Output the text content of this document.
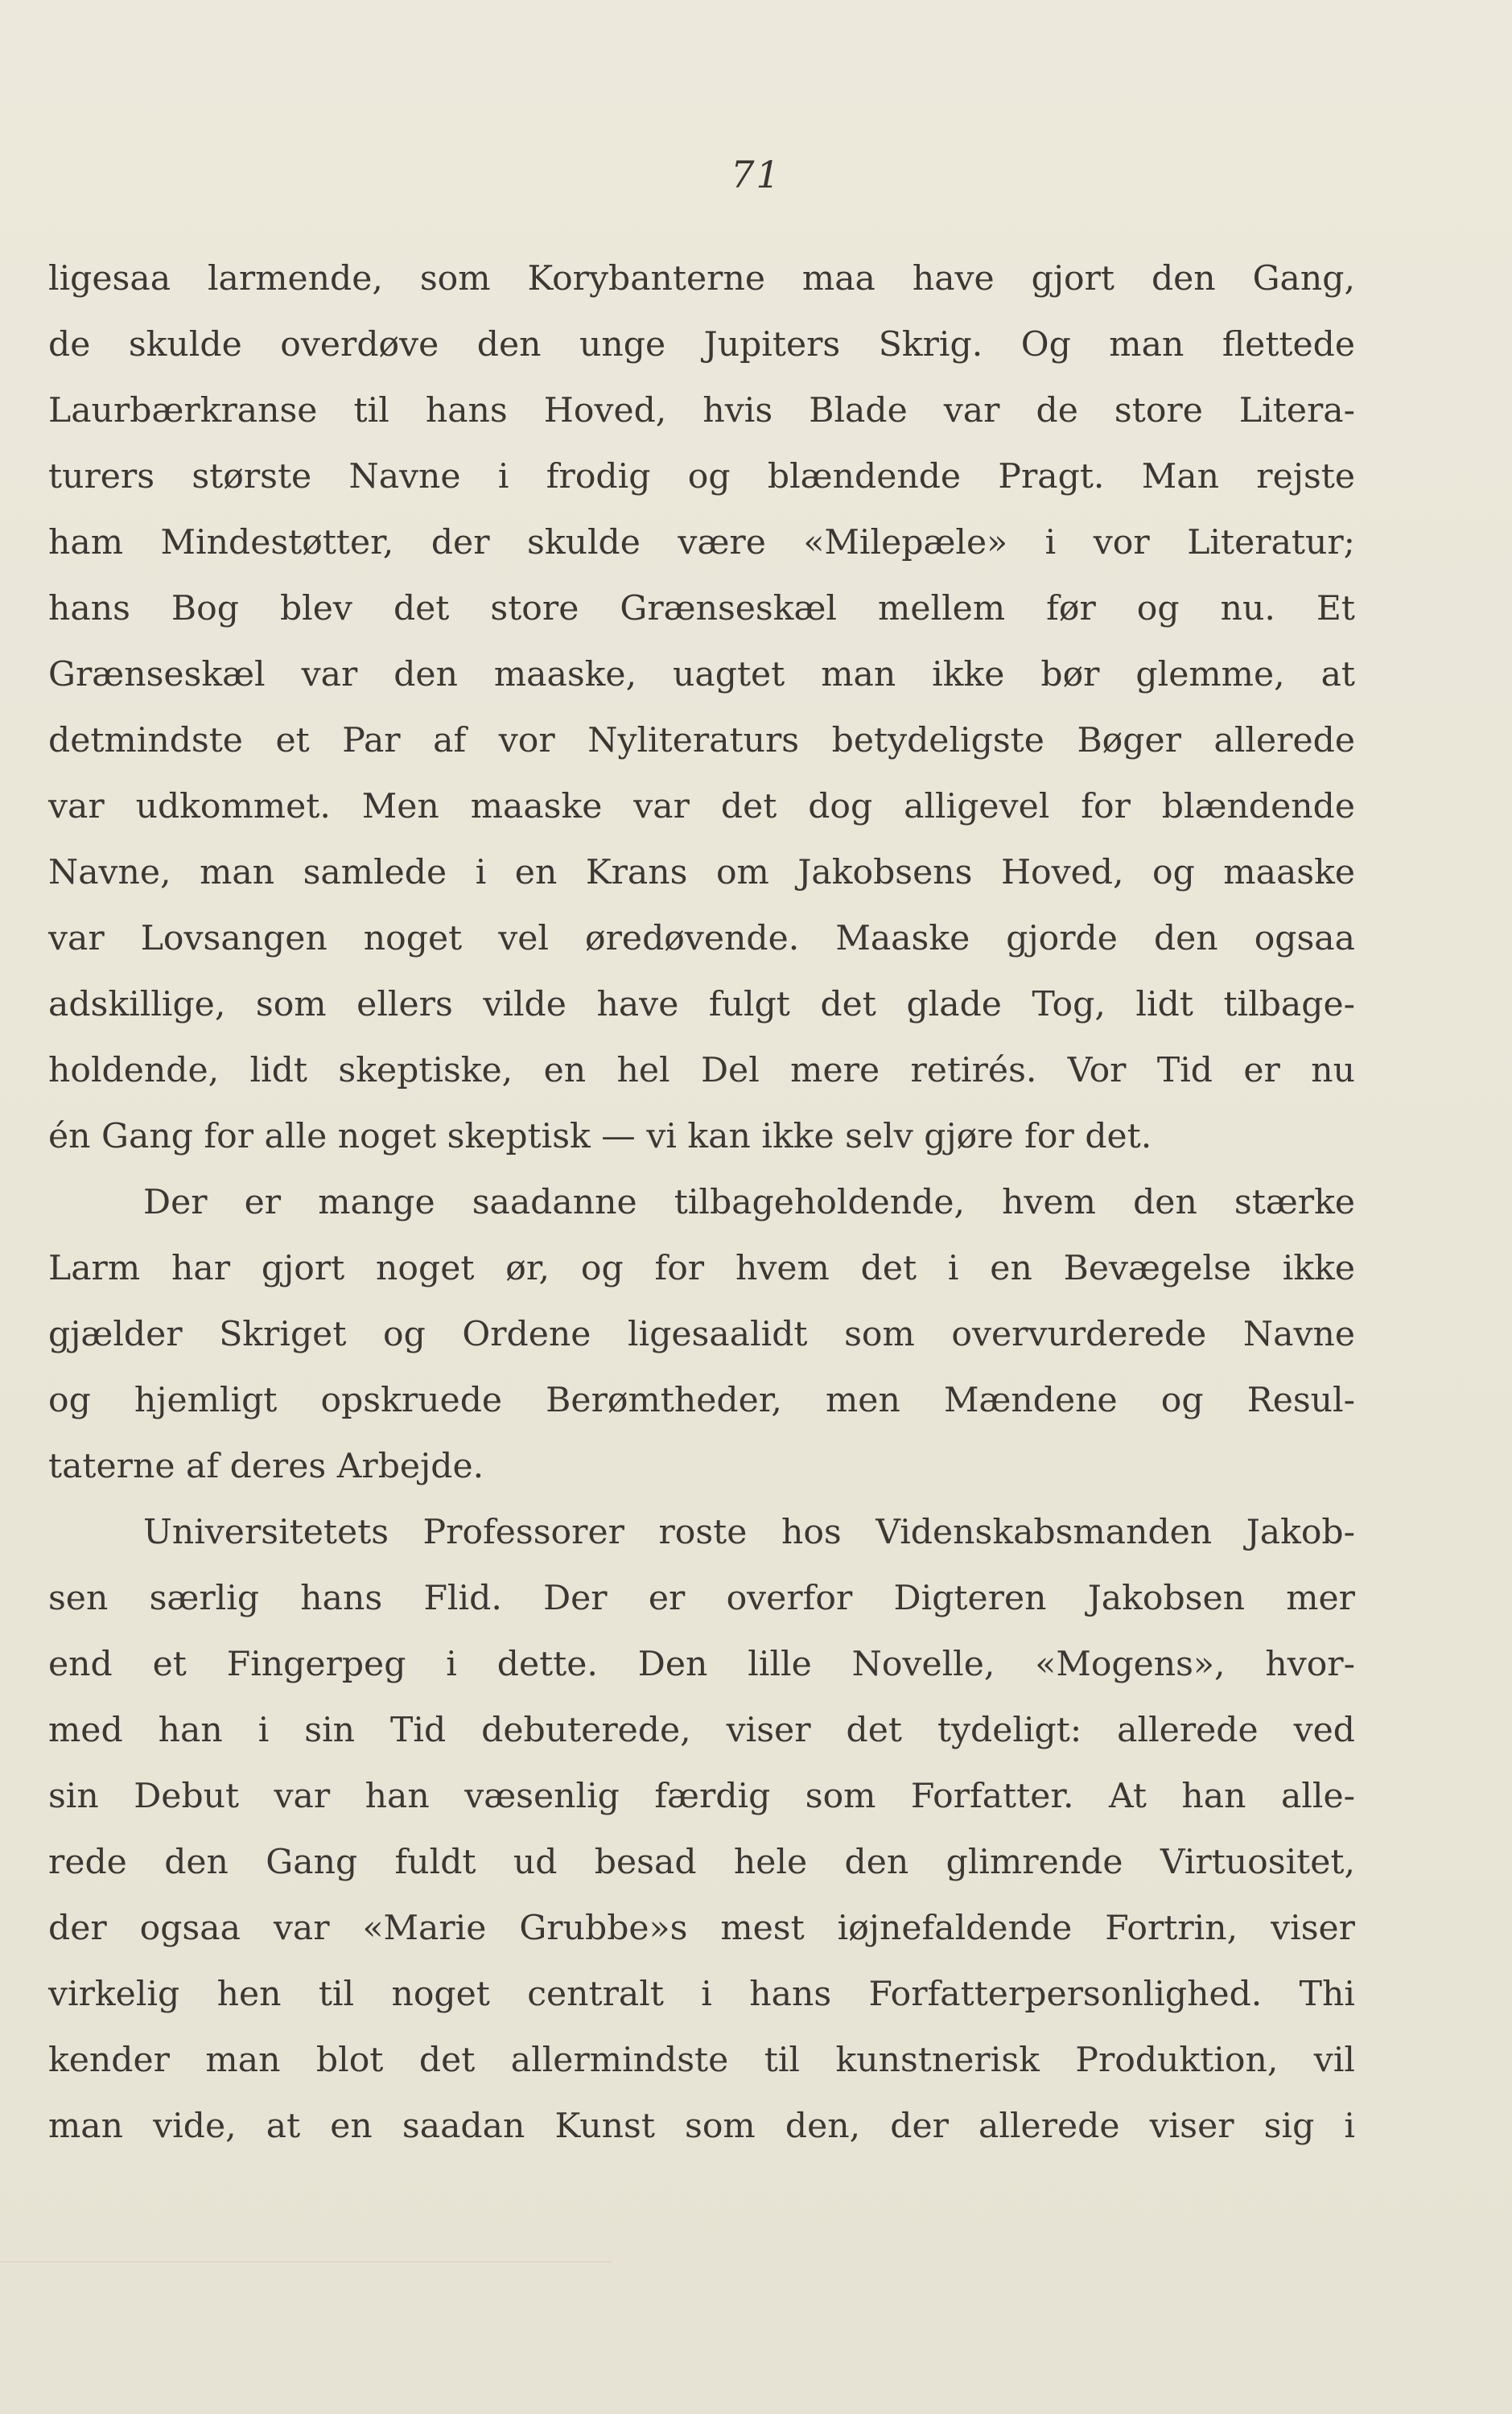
71
ligesaa larmende, som Korybanterne maa have gjort den Gang,
de skulde overdøve den unge Jupiters Skrig. Og man flettede
Laurbærkranse til hans Hoved, hvis Blade var de store Litera-
turers største Navne i frodig og blændende Pragt. Man rejste
ham Mindestøtter, der skulde være «Milepæle» i vor Literatur;
hans Bog blev det store Grænseskæl mellem før og nu. Et
Grænseskæl var den maaske, uagtet man ikke bør glemme, at
detmindste et Par af vor Nyliteraturs betydeligste Bøger allerede
var udkommet. Men maaske var det dog alligevel for blændende
Navne, man samlede i en Krans om Jakobsens Hoved, og maaske
var Lovsangen noget vel øredøvende. Maaske gjorde den ogsaa
adskillige, som ellers vilde have fulgt det glade Tog, lidt tilbage-
holdende, lidt skeptiske, en hel Del mere retirés. Vor Tid er nu
én Gang for alle noget skeptisk — vi kan ikke selv gjøre for det.
Der er mange saadanne tilbageholdende, hvem den stærke
Larm har gjort noget ør, og for hvem det i en Bevægelse ikke
gjælder Skriget og Ordene ligesaalidt som overvurderede Navne
og hjemligt opskruede Berømtheder, men Mændene og Resul-
taterne af deres Arbejde.
Universitetets Professorer roste hos Videnskabsmanden Jakob-
sen særlig hans Flid. Der er overfor Digteren Jakobsen mer
end et Fingerpeg i dette. Den lille Novelle, «Mogens», hvor-
med han i sin Tid debuterede, viser det tydeligt: allerede ved
sin Debut var han væsenlig færdig som Forfatter. At han alle-
rede den Gang fuldt ud besad hele den glimrende Virtuositet,
der ogsaa var «Marie Grubbe»s mest iøjnefaldende Fortrin, viser
virkelig hen til noget centralt i hans Forfatterpersonlighed. Thi
kender man blot det allermindste til kunstnerisk Produktion, vil
man vide, at en saadan Kunst som den, der allerede viser sig i
